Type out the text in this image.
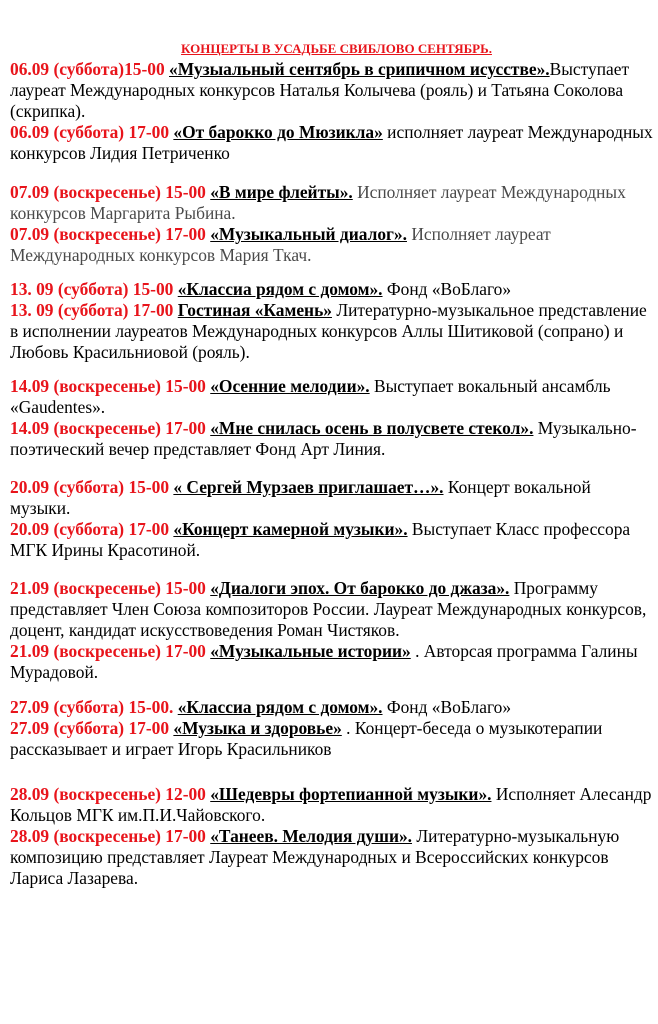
КОНЦЕРТЫ В УСАДЬБЕ СВИБЛОВО СЕНТЯБРЬ.

06.09 (суббота)15-00 «Музыальный сентябрь в срипичном исусстве».Выступает лауреат Международных конкурсов Наталья Колычева (рояль) и Татьяна Соколова (скрипка).

06.09 (суббота) 17-00 «От барокко до Мюзикла» исполняет лауреат Международных конкурсов Лидия Петриченко

07.09 (воскресенье) 15-00 «В мире флейты». Исполняет лауреат Международных конкурсов Маргарита Рыбина.

07.09 (воскресенье) 17-00 «Музыкальный диалог». Исполняет лауреат Международных конкурсов Мария Ткач.

13. 09 (суббота) 15-00 «Классиа рядом с домом». Фонд «ВоБлаго»

13. 09 (суббота) 17-00 Гостиная «Камень» Литературно-музыкальное представление в исполнении лауреатов Международных конкурсов Аллы Шитиковой (сопрано) и Любовь Красильниовой (рояль).

14.09 (воскресенье) 15-00 «Осенние мелодии». Выступает вокальный ансамбль «Gaudentes».

14.09 (воскресенье) 17-00 «Мне снилась осень в полусвете стекол». Музыкально-поэтический вечер представляет Фонд Арт Линия.

20.09 (суббота) 15-00 « Сергей Мурзаев приглашает…». Концерт вокальной музыки.

20.09 (суббота) 17-00 «Концерт камерной музыки». Выступает Класс профессора МГК Ирины Красотиной.

21.09 (воскресенье) 15-00 «Диалоги эпох. От барокко до джаза». Программу представляет Член Союза композиторов России. Лауреат Международных конкурсов, доцент, кандидат искусствоведения Роман Чистяков.

21.09 (воскресенье) 17-00 «Музыкальные истории» . Авторсая программа Галины Мурадовой.

27.09 (суббота) 15-00. «Классиа рядом с домом». Фонд «ВоБлаго»

27.09 (суббота) 17-00 «Музыка и здоровье» . Концерт-беседа о музыкотерапии рассказывает и играет Игорь Красильников

28.09 (воскресенье) 12-00 «Шедевры фортепианной музыки». Исполняет Алесандр Кольцов МГК им.П.И.Чайовского.

28.09 (воскресенье) 17-00 «Танеев. Мелодия души». Литературно-музыкальную композицию представляет Лауреат Международных и Всероссийских конкурсов Лариса Лазарева.
